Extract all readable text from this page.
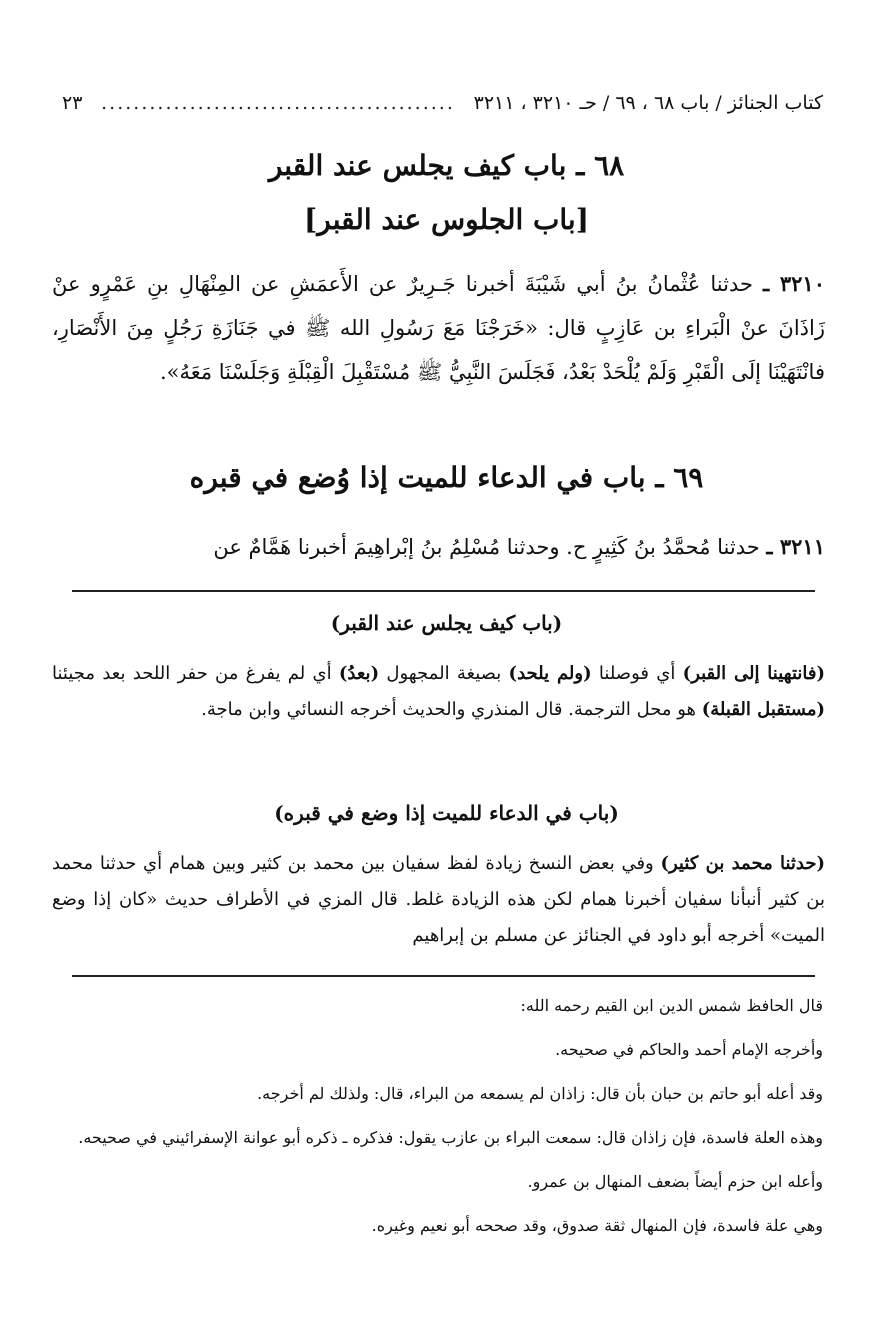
كتاب الجنائز / باب ٦٨ ، ٦٩ / حـ ٣٢١٠ ، ٣٢١١
............................................
٢٣
٦٨ ـ باب كيف يجلس عند القبر
[باب الجلوس عند القبر]
٣٢١٠ ـ حدثنا عُثْمانُ بنُ أبي شَيْبَةَ أخبرنا جَـرِيرٌ عن الأَعمَشِ عن المِنْهَالِ بنِ عَمْرٍو عنْ زَاذَانَ عنْ الْبَراءِ بن عَازِبٍ قال: «خَرَجْنَا مَعَ رَسُولِ الله ﷺ في جَنَازَةِ رَجُلٍ مِنَ الأَنْصَارِ، فانْتَهَيْنَا إلَى الْقَبْرِ وَلَمْ يُلْحَدْ بَعْدُ، فَجَلَسَ النَّبِيُّ ﷺ مُسْتَقْبِلَ الْقِبْلَةِ وَجَلَسْنَا مَعَهُ».
٦٩ ـ باب في الدعاء للميت إذا وُضع في قبره
٣٢١١ ـ حدثنا مُحمَّدُ بنُ كَثِيرٍ ح. وحدثنا مُسْلِمُ بنُ إبْراهِيمَ أخبرنا هَمَّامٌ عن
(باب كيف يجلس عند القبر)
(فانتهينا إلى القبر) أي فوصلنا (ولم يلحد) بصيغة المجهول (بعدُ) أي لم يفرغ من حفر اللحد بعد مجيئنا (مستقبل القبلة) هو محل الترجمة. قال المنذري والحديث أخرجه النسائي وابن ماجة.
(باب في الدعاء للميت إذا وضع في قبره)
(حدثنا محمد بن كثير) وفي بعض النسخ زيادة لفظ سفيان بين محمد بن كثير وبين همام أي حدثنا محمد بن كثير أنبأنا سفيان أخبرنا همام لكن هذه الزيادة غلط. قال المزي في الأطراف حديث «كان إذا وضع الميت» أخرجه أبو داود في الجنائز عن مسلم بن إبراهيم
قال الحافظ شمس الدين ابن القيم رحمه الله:
وأخرجه الإمام أحمد والحاكم في صحيحه.
وقد أعله أبو حاتم بن حبان بأن قال: زاذان لم يسمعه من البراء، قال: ولذلك لم أخرجه.
وهذه العلة فاسدة، فإن زاذان قال: سمعت البراء بن عازب يقول: فذكره ـ ذكره أبو عوانة الإسفرائيني في صحيحه.
وأعله ابن حزم أيضاً بضعف المنهال بن عمرو.
وهي علة فاسدة، فإن المنهال ثقة صدوق، وقد صححه أبو نعيم وغيره.
